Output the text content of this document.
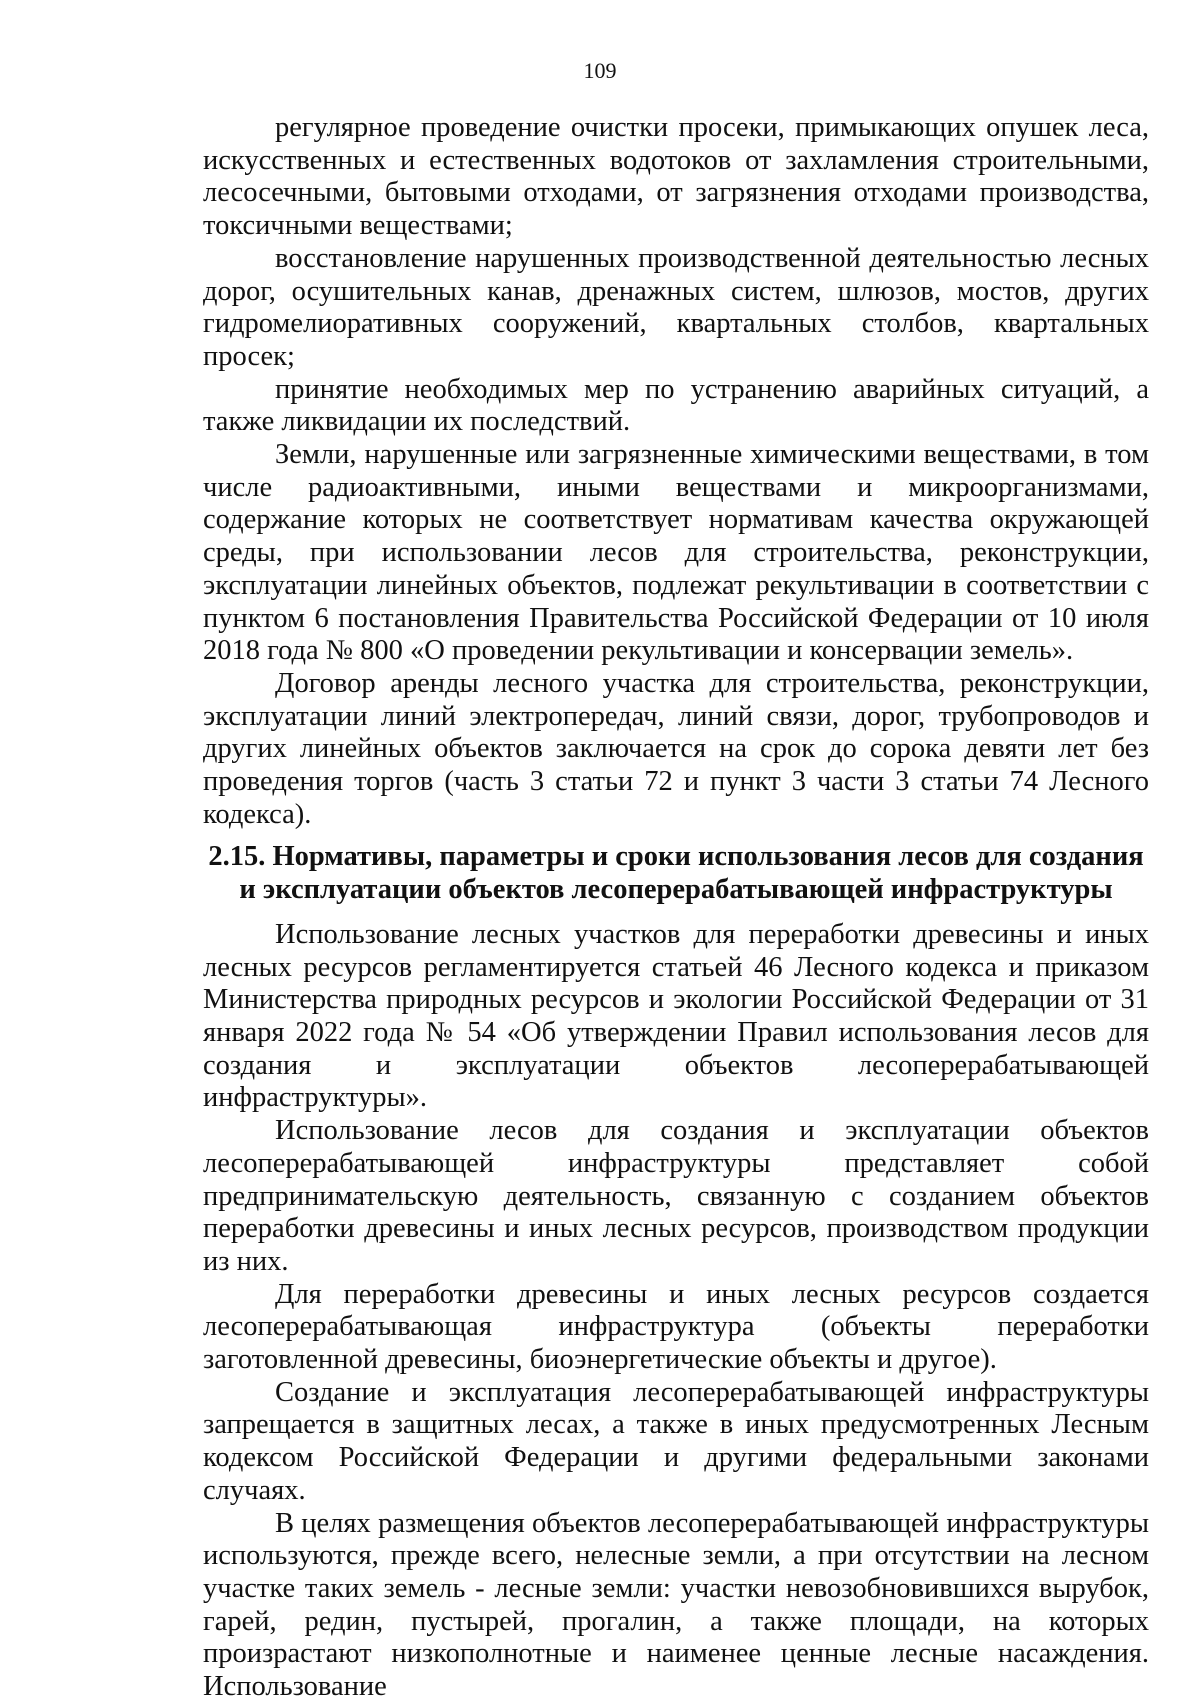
109

регулярное проведение очистки просеки, примыкающих опушек леса, искусственных и естественных водотоков от захламления строительными, лесосечными, бытовыми отходами, от загрязнения отходами производства, токсичными веществами;

восстановление нарушенных производственной деятельностью лесных дорог, осушительных канав, дренажных систем, шлюзов, мостов, других гидромелиоративных сооружений, квартальных столбов, квартальных просек;

принятие необходимых мер по устранению аварийных ситуаций, а также ликвидации их последствий.

Земли, нарушенные или загрязненные химическими веществами, в том числе радиоактивными, иными веществами и микроорганизмами, содержание которых не соответствует нормативам качества окружающей среды, при использовании лесов для строительства, реконструкции, эксплуатации линейных объектов, подлежат рекультивации в соответствии с пунктом 6 постановления Правительства Российской Федерации от 10 июля 2018 года № 800 «О проведении рекультивации и консервации земель».

Договор аренды лесного участка для строительства, реконструкции, эксплуатации линий электропередач, линий связи, дорог, трубопроводов и других линейных объектов заключается на срок до сорока девяти лет без проведения торгов (часть 3 статьи 72 и пункт 3 части 3 статьи 74 Лесного кодекса).

2.15. Нормативы, параметры и сроки использования лесов для создания
и эксплуатации объектов лесоперерабатывающей инфраструктуры

Использование лесных участков для переработки древесины и иных лесных ресурсов регламентируется статьей 46 Лесного кодекса и приказом Министерства природных ресурсов и экологии Российской Федерации от 31 января 2022 года № 54 «Об утверждении Правил использования лесов для создания и эксплуатации объектов лесоперерабатывающей инфраструктуры».

Использование лесов для создания и эксплуатации объектов лесоперерабатывающей инфраструктуры представляет собой предпринимательскую деятельность, связанную с созданием объектов переработки древесины и иных лесных ресурсов, производством продукции из них.

Для переработки древесины и иных лесных ресурсов создается лесоперерабатывающая инфраструктура (объекты переработки заготовленной древесины, биоэнергетические объекты и другое).

Создание и эксплуатация лесоперерабатывающей инфраструктуры запрещается в защитных лесах, а также в иных предусмотренных Лесным кодексом Российской Федерации и другими федеральными законами случаях.

В целях размещения объектов лесоперерабатывающей инфраструктуры используются, прежде всего, нелесные земли, а при отсутствии на лесном участке таких земель - лесные земли: участки невозобновившихся вырубок, гарей, редин, пустырей, прогалин, а также площади, на которых произрастают низкополнотные и наименее ценные лесные насаждения. Использование
